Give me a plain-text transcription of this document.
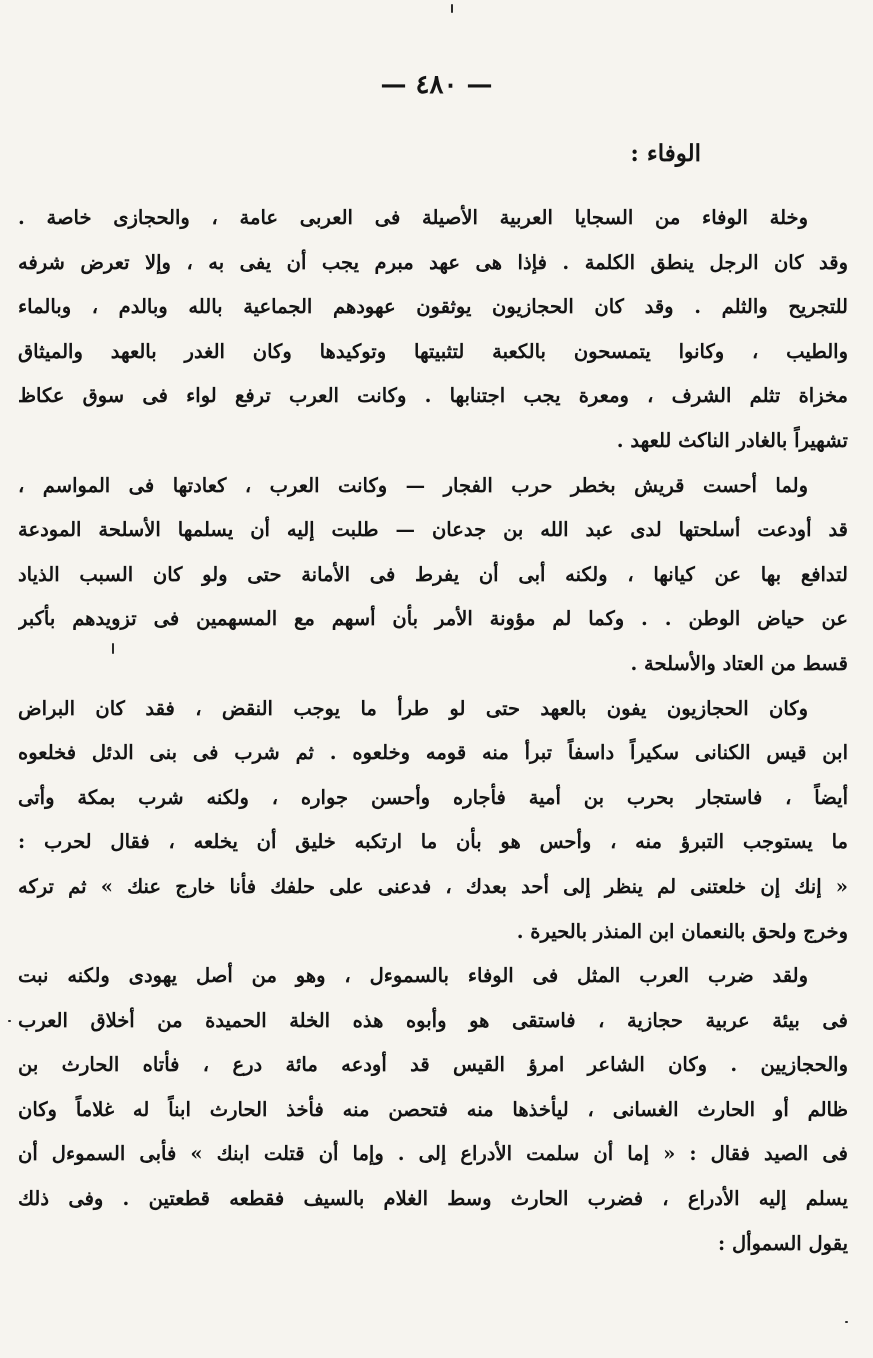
— ٤٨٠ —
الوفاء :
وخلة الوفاء من السجايا العربية الأصيلة فى العربى عامة ، والحجازى خاصة .
وقد كان الرجل ينطق الكلمة . فإذا هى عهد مبرم يجب أن يفى به ، وإلا تعرض شرفه
للتجريح والثلم . وقد كان الحجازيون يوثقون عهودهم الجماعية بالله وبالدم ، وبالماء
والطيب ، وكانوا يتمسحون بالكعبة لتثبيتها وتوكيدها وكان الغدر بالعهد والميثاق
مخزاة تثلم الشرف ، ومعرة يجب اجتنابها . وكانت العرب ترفع لواء فى سوق عكاظ
تشهيراً بالغادر الناكث للعهد .
ولما أحست قريش بخطر حرب الفجار — وكانت العرب ، كعادتها فى المواسم ،
قد أودعت أسلحتها لدى عبد الله بن جدعان — طلبت إليه أن يسلمها الأسلحة المودعة
لتدافع بها عن كيانها ، ولكنه أبى أن يفرط فى الأمانة حتى ولو كان السبب الذياد
عن حياض الوطن . . وكما لم مؤونة الأمر بأن أسهم مع المسهمين فى تزويدهم بأكبر
قسط من العتاد والأسلحة .
وكان الحجازيون يفون بالعهد حتى لو طرأ ما يوجب النقض ، فقد كان البراض
ابن قيس الكنانى سكيراً داسفاً تبرأ منه قومه وخلعوه . ثم شرب فى بنى الدئل فخلعوه
أيضاً ، فاستجار بحرب بن أمية فأجاره وأحسن جواره ، ولكنه شرب بمكة وأتى
ما يستوجب التبرؤ منه ، وأحس هو بأن ما ارتكبه خليق أن يخلعه ، فقال لحرب :
« إنك إن خلعتنى لم ينظر إلى أحد بعدك ، فدعنى على حلفك فأنا خارج عنك » ثم تركه
وخرج ولحق بالنعمان ابن المنذر بالحيرة .
ولقد ضرب العرب المثل فى الوفاء بالسموءل ، وهو من أصل يهودى ولكنه نبت
فى بيئة عربية حجازية ، فاستقى هو وأبوه هذه الخلة الحميدة من أخلاق العرب
والحجازيين . وكان الشاعر امرؤ القيس قد أودعه مائة درع ، فأتاه الحارث بن
ظالم أو الحارث الغسانى ، ليأخذها منه فتحصن منه فأخذ الحارث ابناً له غلاماً وكان
فى الصيد فقال : « إما أن سلمت الأدراع إلى . وإما أن قتلت ابنك » فأبى السموءل أن
يسلم إليه الأدراع ، فضرب الحارث وسط الغلام بالسيف فقطعه قطعتين . وفى ذلك
يقول السموأل :
